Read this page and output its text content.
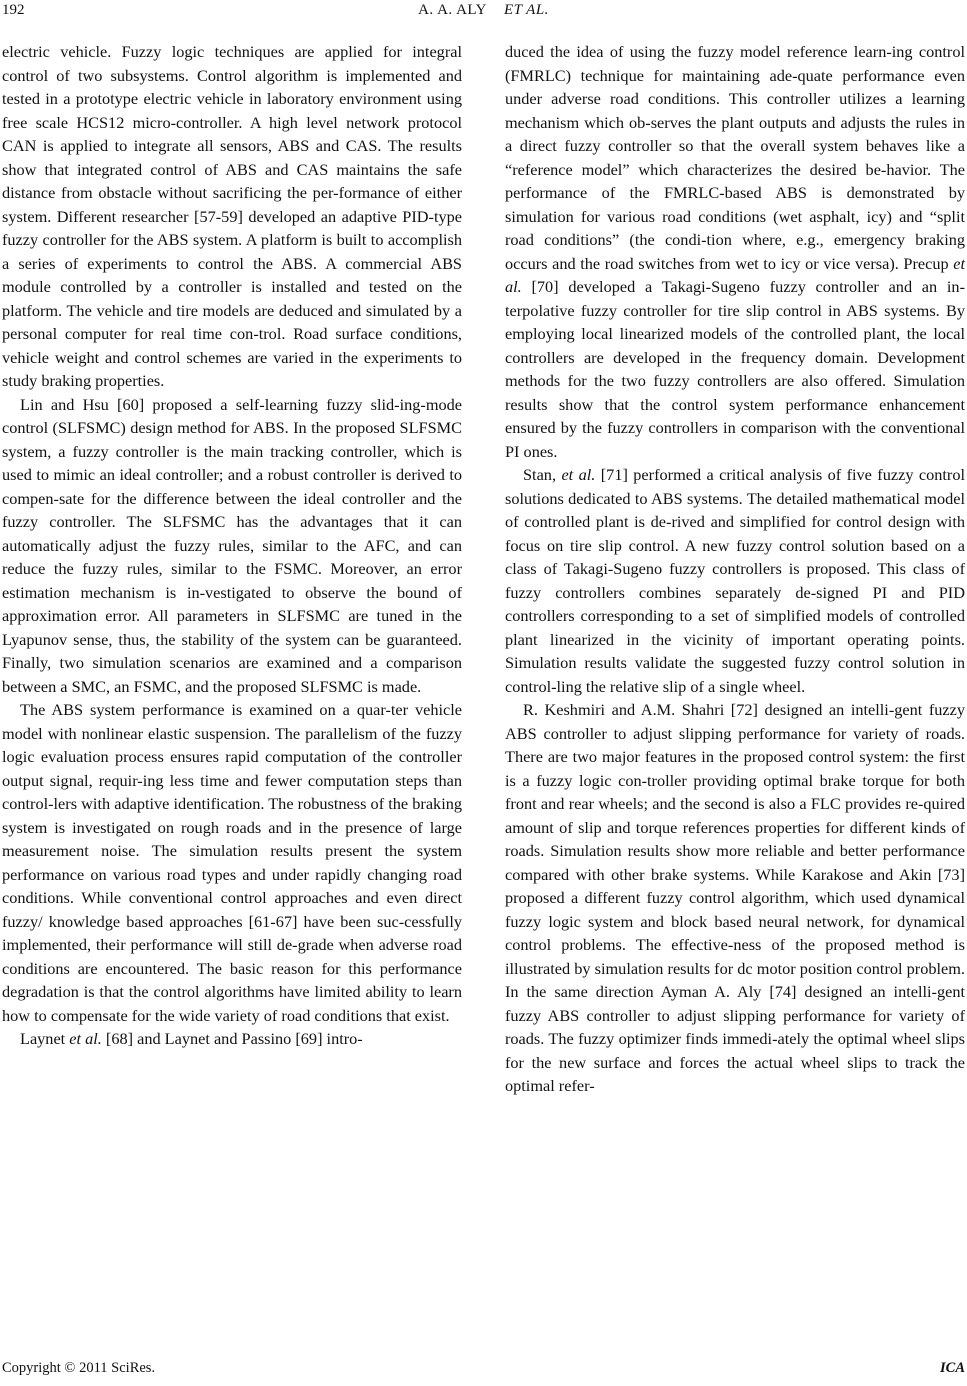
192	A. A. ALY ET AL.

electric vehicle. Fuzzy logic techniques are applied for integral control of two subsystems. Control algorithm is implemented and tested in a prototype electric vehicle in laboratory environment using free scale HCS12 micro-controller. A high level network protocol CAN is applied to integrate all sensors, ABS and CAS. The results show that integrated control of ABS and CAS maintains the safe distance from obstacle without sacrificing the per-formance of either system. Different researcher [57-59] developed an adaptive PID-type fuzzy controller for the ABS system. A platform is built to accomplish a series of experiments to control the ABS. A commercial ABS module controlled by a controller is installed and tested on the platform. The vehicle and tire models are deduced and simulated by a personal computer for real time con-trol. Road surface conditions, vehicle weight and control schemes are varied in the experiments to study braking properties.

Lin and Hsu [60] proposed a self-learning fuzzy slid-ing-mode control (SLFSMC) design method for ABS. In the proposed SLFSMC system, a fuzzy controller is the main tracking controller, which is used to mimic an ideal controller; and a robust controller is derived to compen-sate for the difference between the ideal controller and the fuzzy controller. The SLFSMC has the advantages that it can automatically adjust the fuzzy rules, similar to the AFC, and can reduce the fuzzy rules, similar to the FSMC. Moreover, an error estimation mechanism is in-vestigated to observe the bound of approximation error. All parameters in SLFSMC are tuned in the Lyapunov sense, thus, the stability of the system can be guaranteed. Finally, two simulation scenarios are examined and a comparison between a SMC, an FSMC, and the proposed SLFSMC is made.

The ABS system performance is examined on a quar-ter vehicle model with nonlinear elastic suspension. The parallelism of the fuzzy logic evaluation process ensures rapid computation of the controller output signal, requir-ing less time and fewer computation steps than control-lers with adaptive identification. The robustness of the braking system is investigated on rough roads and in the presence of large measurement noise. The simulation results present the system performance on various road types and under rapidly changing road conditions. While conventional control approaches and even direct fuzzy/ knowledge based approaches [61-67] have been suc-cessfully implemented, their performance will still de-grade when adverse road conditions are encountered. The basic reason for this performance degradation is that the control algorithms have limited ability to learn how to compensate for the wide variety of road conditions that exist.

Laynet et al. [68] and Laynet and Passino [69] intro-

duced the idea of using the fuzzy model reference learn-ing control (FMRLC) technique for maintaining ade-quate performance even under adverse road conditions. This controller utilizes a learning mechanism which ob-serves the plant outputs and adjusts the rules in a direct fuzzy controller so that the overall system behaves like a “reference model” which characterizes the desired be-havior. The performance of the FMRLC-based ABS is demonstrated by simulation for various road conditions (wet asphalt, icy) and “split road conditions” (the condi-tion where, e.g., emergency braking occurs and the road switches from wet to icy or vice versa). Precup et al. [70] developed a Takagi-Sugeno fuzzy controller and an in-terpolative fuzzy controller for tire slip control in ABS systems. By employing local linearized models of the controlled plant, the local controllers are developed in the frequency domain. Development methods for the two fuzzy controllers are also offered. Simulation results show that the control system performance enhancement ensured by the fuzzy controllers in comparison with the conventional PI ones.

Stan, et al. [71] performed a critical analysis of five fuzzy control solutions dedicated to ABS systems. The detailed mathematical model of controlled plant is de-rived and simplified for control design with focus on tire slip control. A new fuzzy control solution based on a class of Takagi-Sugeno fuzzy controllers is proposed. This class of fuzzy controllers combines separately de-signed PI and PID controllers corresponding to a set of simplified models of controlled plant linearized in the vicinity of important operating points. Simulation results validate the suggested fuzzy control solution in control-ling the relative slip of a single wheel.

R. Keshmiri and A.M. Shahri [72] designed an intelli-gent fuzzy ABS controller to adjust slipping performance for variety of roads. There are two major features in the proposed control system: the first is a fuzzy logic con-troller providing optimal brake torque for both front and rear wheels; and the second is also a FLC provides re-quired amount of slip and torque references properties for different kinds of roads. Simulation results show more reliable and better performance compared with other brake systems. While Karakose and Akin [73] proposed a different fuzzy control algorithm, which used dynamical fuzzy logic system and block based neural network, for dynamical control problems. The effective-ness of the proposed method is illustrated by simulation results for dc motor position control problem. In the same direction Ayman A. Aly [74] designed an intelli-gent fuzzy ABS controller to adjust slipping performance for variety of roads. The fuzzy optimizer finds immedi-ately the optimal wheel slips for the new surface and forces the actual wheel slips to track the optimal refer-

Copyright © 2011 SciRes.	ICA
